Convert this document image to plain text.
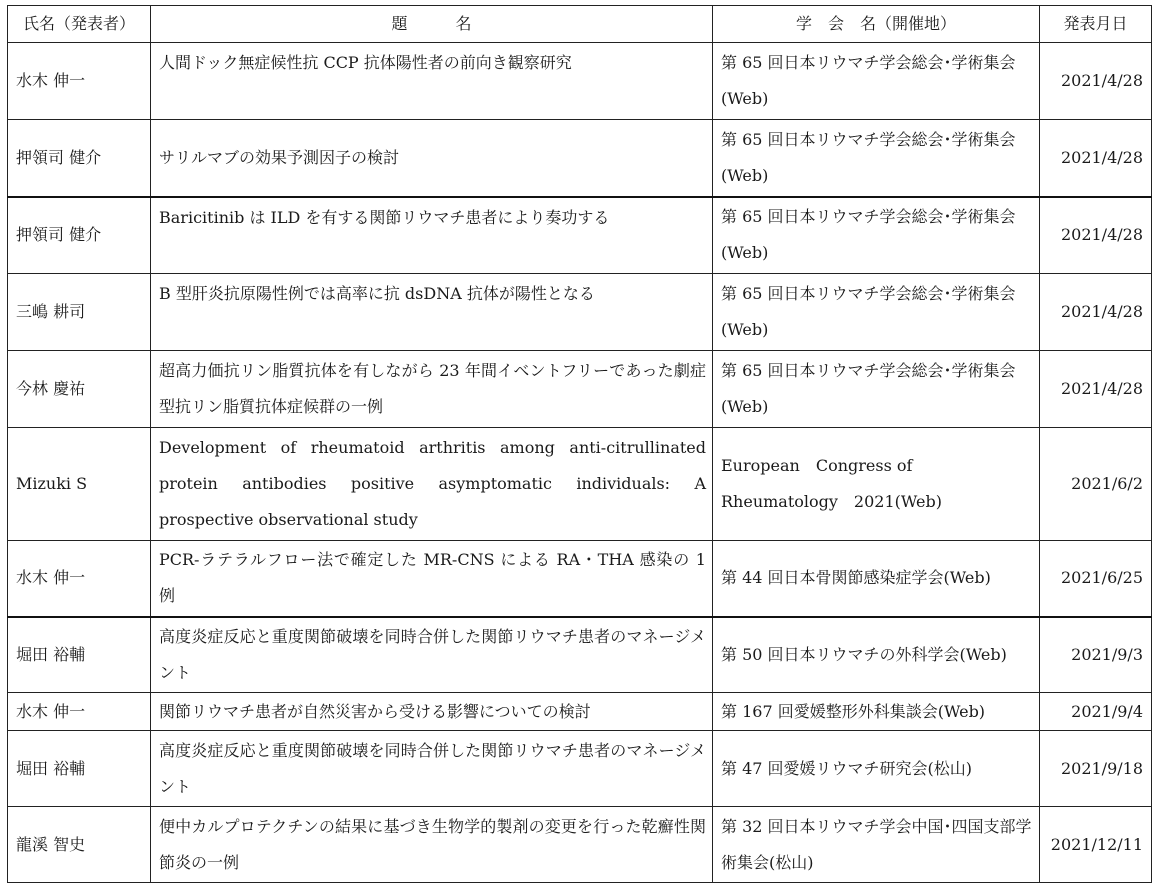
氏名（発表者）	題　　　名	学　会　名（開催地）	発表月日
水木 伸一	人間ドック無症候性抗 CCP 抗体陽性者の前向き観察研究	第 65 回日本リウマチ学会総会･学術集会(Web)	2021/4/28
押領司 健介	サリルマブの効果予測因子の検討	第 65 回日本リウマチ学会総会･学術集会(Web)	2021/4/28
押領司 健介	Baricitinib は ILD を有する関節リウマチ患者により奏功する	第 65 回日本リウマチ学会総会･学術集会(Web)	2021/4/28
三嶋 耕司	B 型肝炎抗原陽性例では高率に抗 dsDNA 抗体が陽性となる	第 65 回日本リウマチ学会総会･学術集会(Web)	2021/4/28
今林 慶祐	超高力価抗リン脂質抗体を有しながら 23 年間イベントフリーであった劇症型抗リン脂質抗体症候群の一例	第 65 回日本リウマチ学会総会･学術集会(Web)	2021/4/28
Mizuki S	Development of rheumatoid arthritis among anti-citrullinated protein antibodies positive asymptomatic individuals: A prospective observational study	European　Congress of Rheumatology　2021(Web)	2021/6/2
水木 伸一	PCR-ラテラルフロー法で確定した MR-CNS による RA・THA 感染の 1 例	第 44 回日本骨関節感染症学会(Web)	2021/6/25
堀田 裕輔	高度炎症反応と重度関節破壊を同時合併した関節リウマチ患者のマネージメント	第 50 回日本リウマチの外科学会(Web)	2021/9/3
水木 伸一	関節リウマチ患者が自然災害から受ける影響についての検討	第 167 回愛媛整形外科集談会(Web)	2021/9/4
堀田 裕輔	高度炎症反応と重度関節破壊を同時合併した関節リウマチ患者のマネージメント	第 47 回愛媛リウマチ研究会(松山)	2021/9/18
龍溪 智史	便中カルプロテクチンの結果に基づき生物学的製剤の変更を行った乾癬性関節炎の一例	第 32 回日本リウマチ学会中国･四国支部学術集会(松山)	2021/12/11
